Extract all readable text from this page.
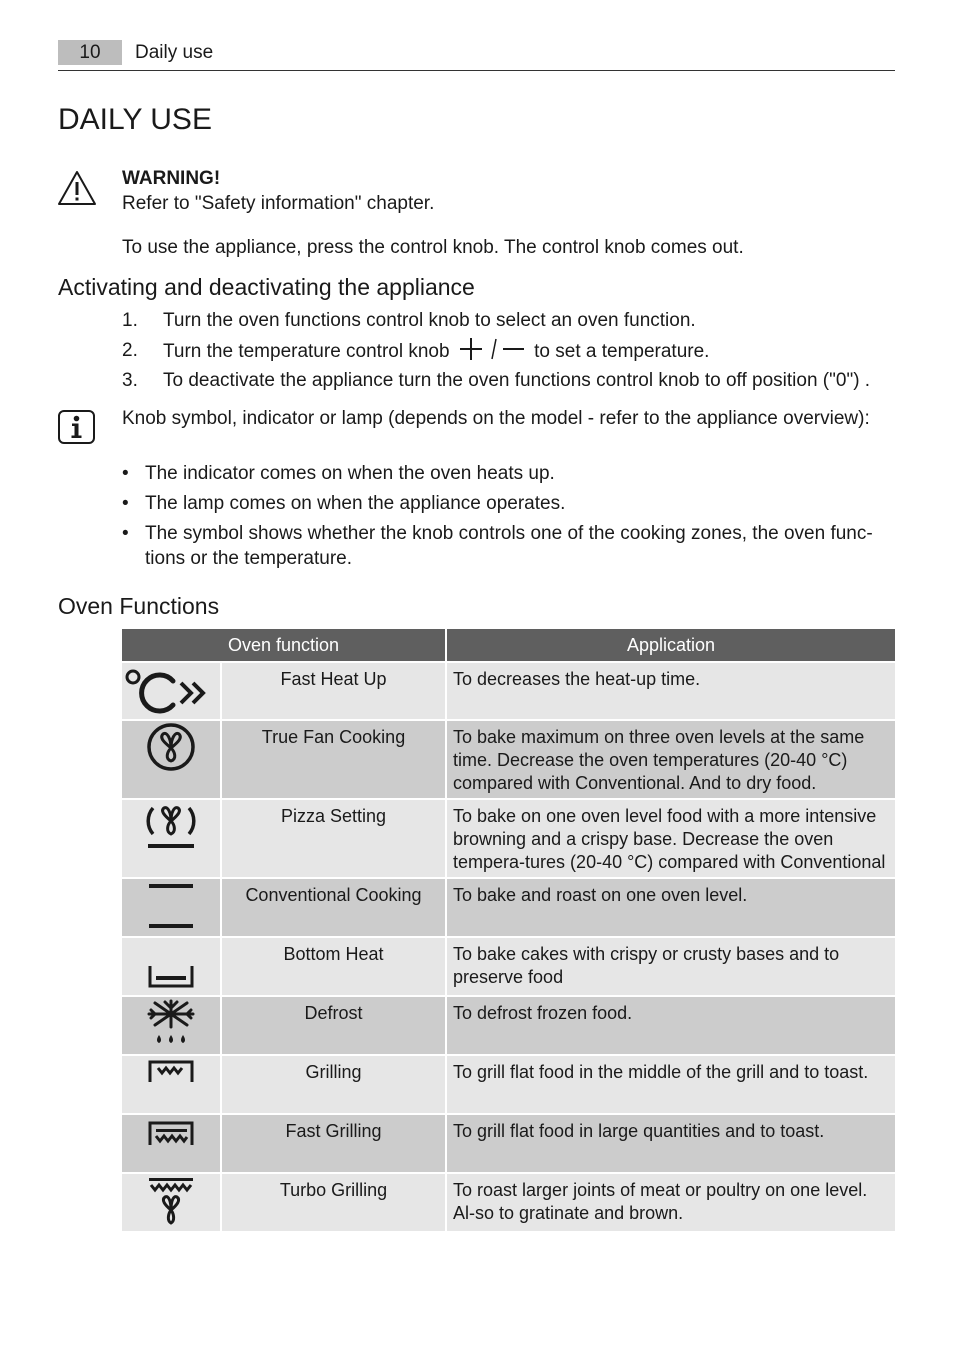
10	Daily use
DAILY USE
WARNING!
Refer to "Safety information" chapter.
To use the appliance, press the control knob. The control knob comes out.
Activating and deactivating the appliance
1. Turn the oven functions control knob to select an oven function.
2. Turn the temperature control knob	to set a temperature.
3. To deactivate the appliance turn the oven functions control knob to off position ("0") .
Knob symbol, indicator or lamp (depends on the model - refer to the appliance overview):
• The indicator comes on when the oven heats up.
• The lamp comes on when the appliance operates.
• The symbol shows whether the knob controls one of the cooking zones, the oven func-tions or the temperature.
Oven Functions
Oven function		Application

	Fast Heat Up	To decreases the heat-up time.

	True Fan Cooking	To bake maximum on three oven levels at the same time. Decrease the oven temperatures (20-40 °C) compared with Conventional. And to dry food.

	Pizza Setting	To bake on one oven level food with a more intensive browning and a crispy base. Decrease the oven tempera-tures (20-40 °C) compared with Conventional

	Conventional Cooking	To bake and roast on one oven level.

	Bottom Heat	To bake cakes with crispy or crusty bases and to preserve food

	Defrost	To defrost frozen food.

	Grilling	To grill flat food in the middle of the grill and to toast.

	Fast Grilling	To grill flat food in large quantities and to toast.

	Turbo Grilling	To roast larger joints of meat or poultry on one level. Al-so to gratinate and brown.
